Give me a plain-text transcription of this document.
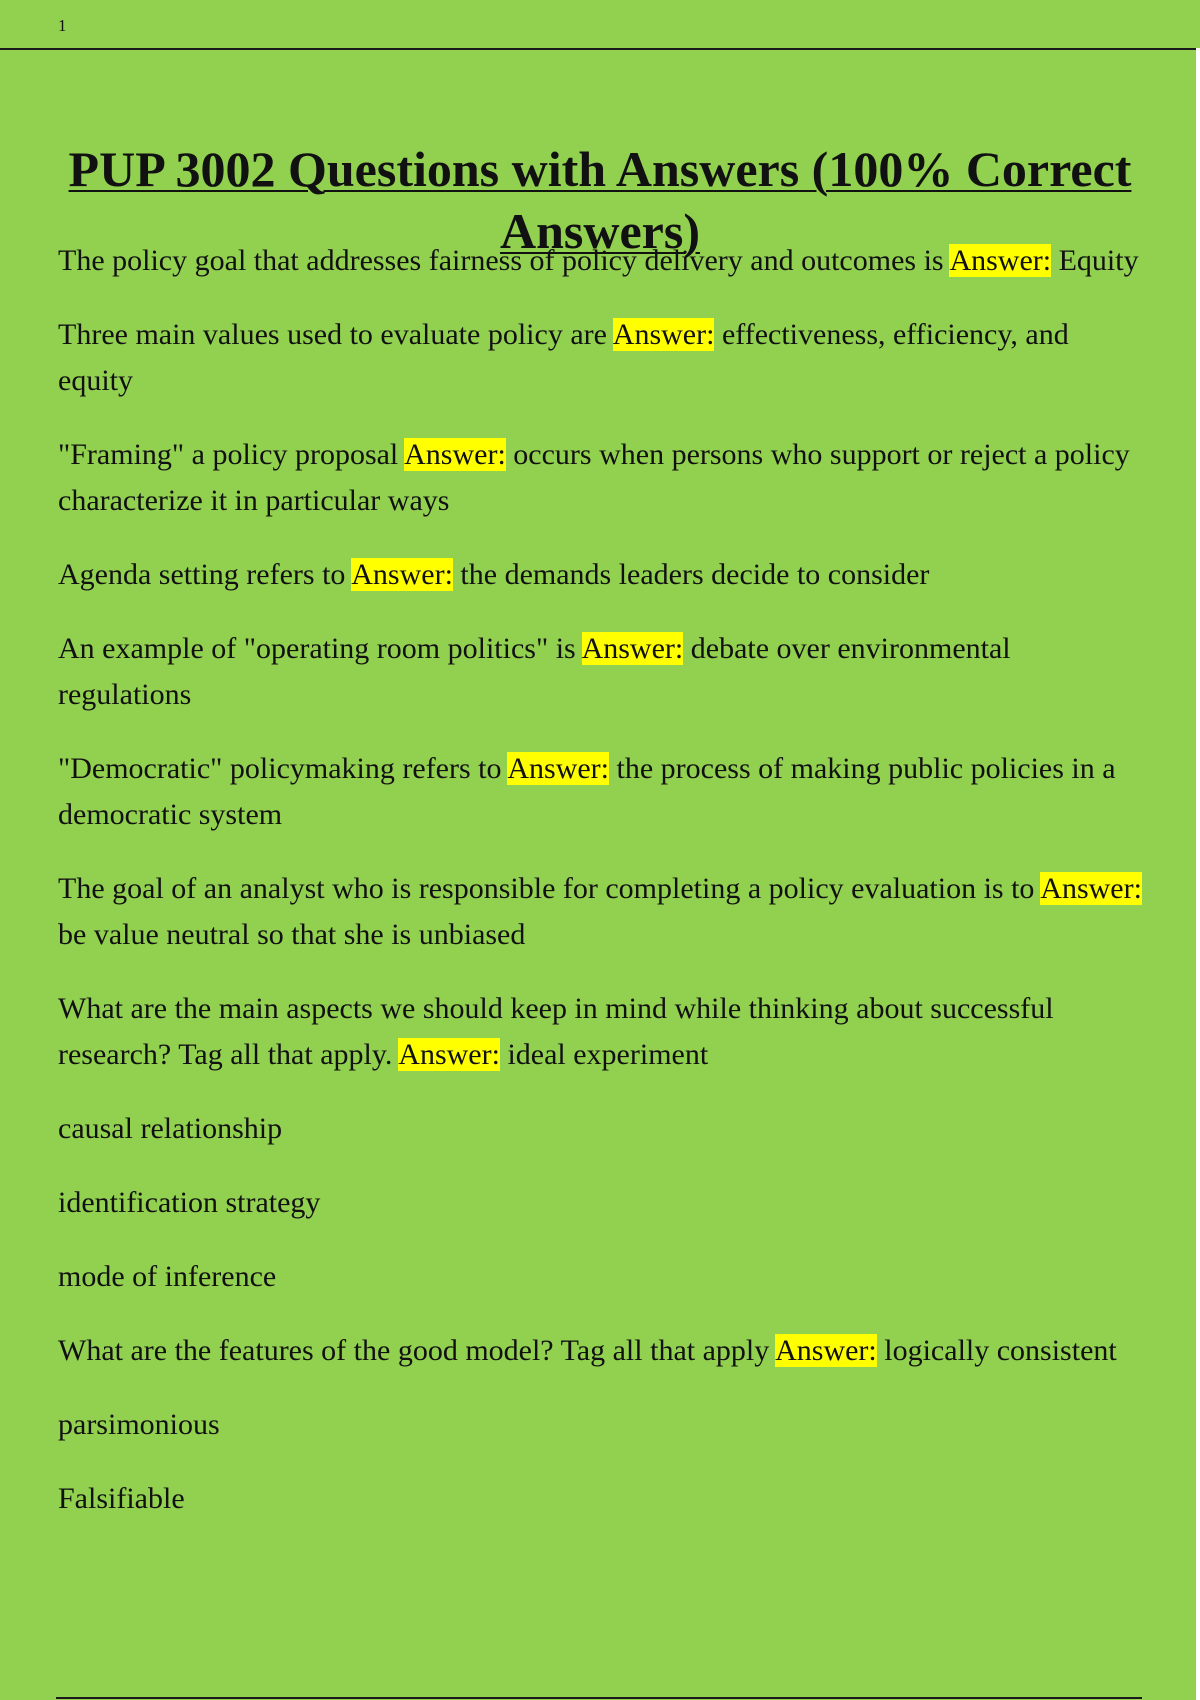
1
PUP 3002 Questions with Answers (100% Correct Answers)

The policy goal that addresses fairness of policy delivery and outcomes is Answer: Equity

Three main values used to evaluate policy are Answer: effectiveness, efficiency, and equity

"Framing" a policy proposal Answer: occurs when persons who support or reject a policy characterize it in particular ways

Agenda setting refers to Answer: the demands leaders decide to consider

An example of "operating room politics" is Answer: debate over environmental regulations

"Democratic" policymaking refers to Answer: the process of making public policies in a democratic system

The goal of an analyst who is responsible for completing a policy evaluation is to Answer: be value neutral so that she is unbiased

What are the main aspects we should keep in mind while thinking about successful research? Tag all that apply. Answer: ideal experiment

causal relationship

identification strategy

mode of inference

What are the features of the good model? Tag all that apply Answer: logically consistent

parsimonious

Falsifiable
